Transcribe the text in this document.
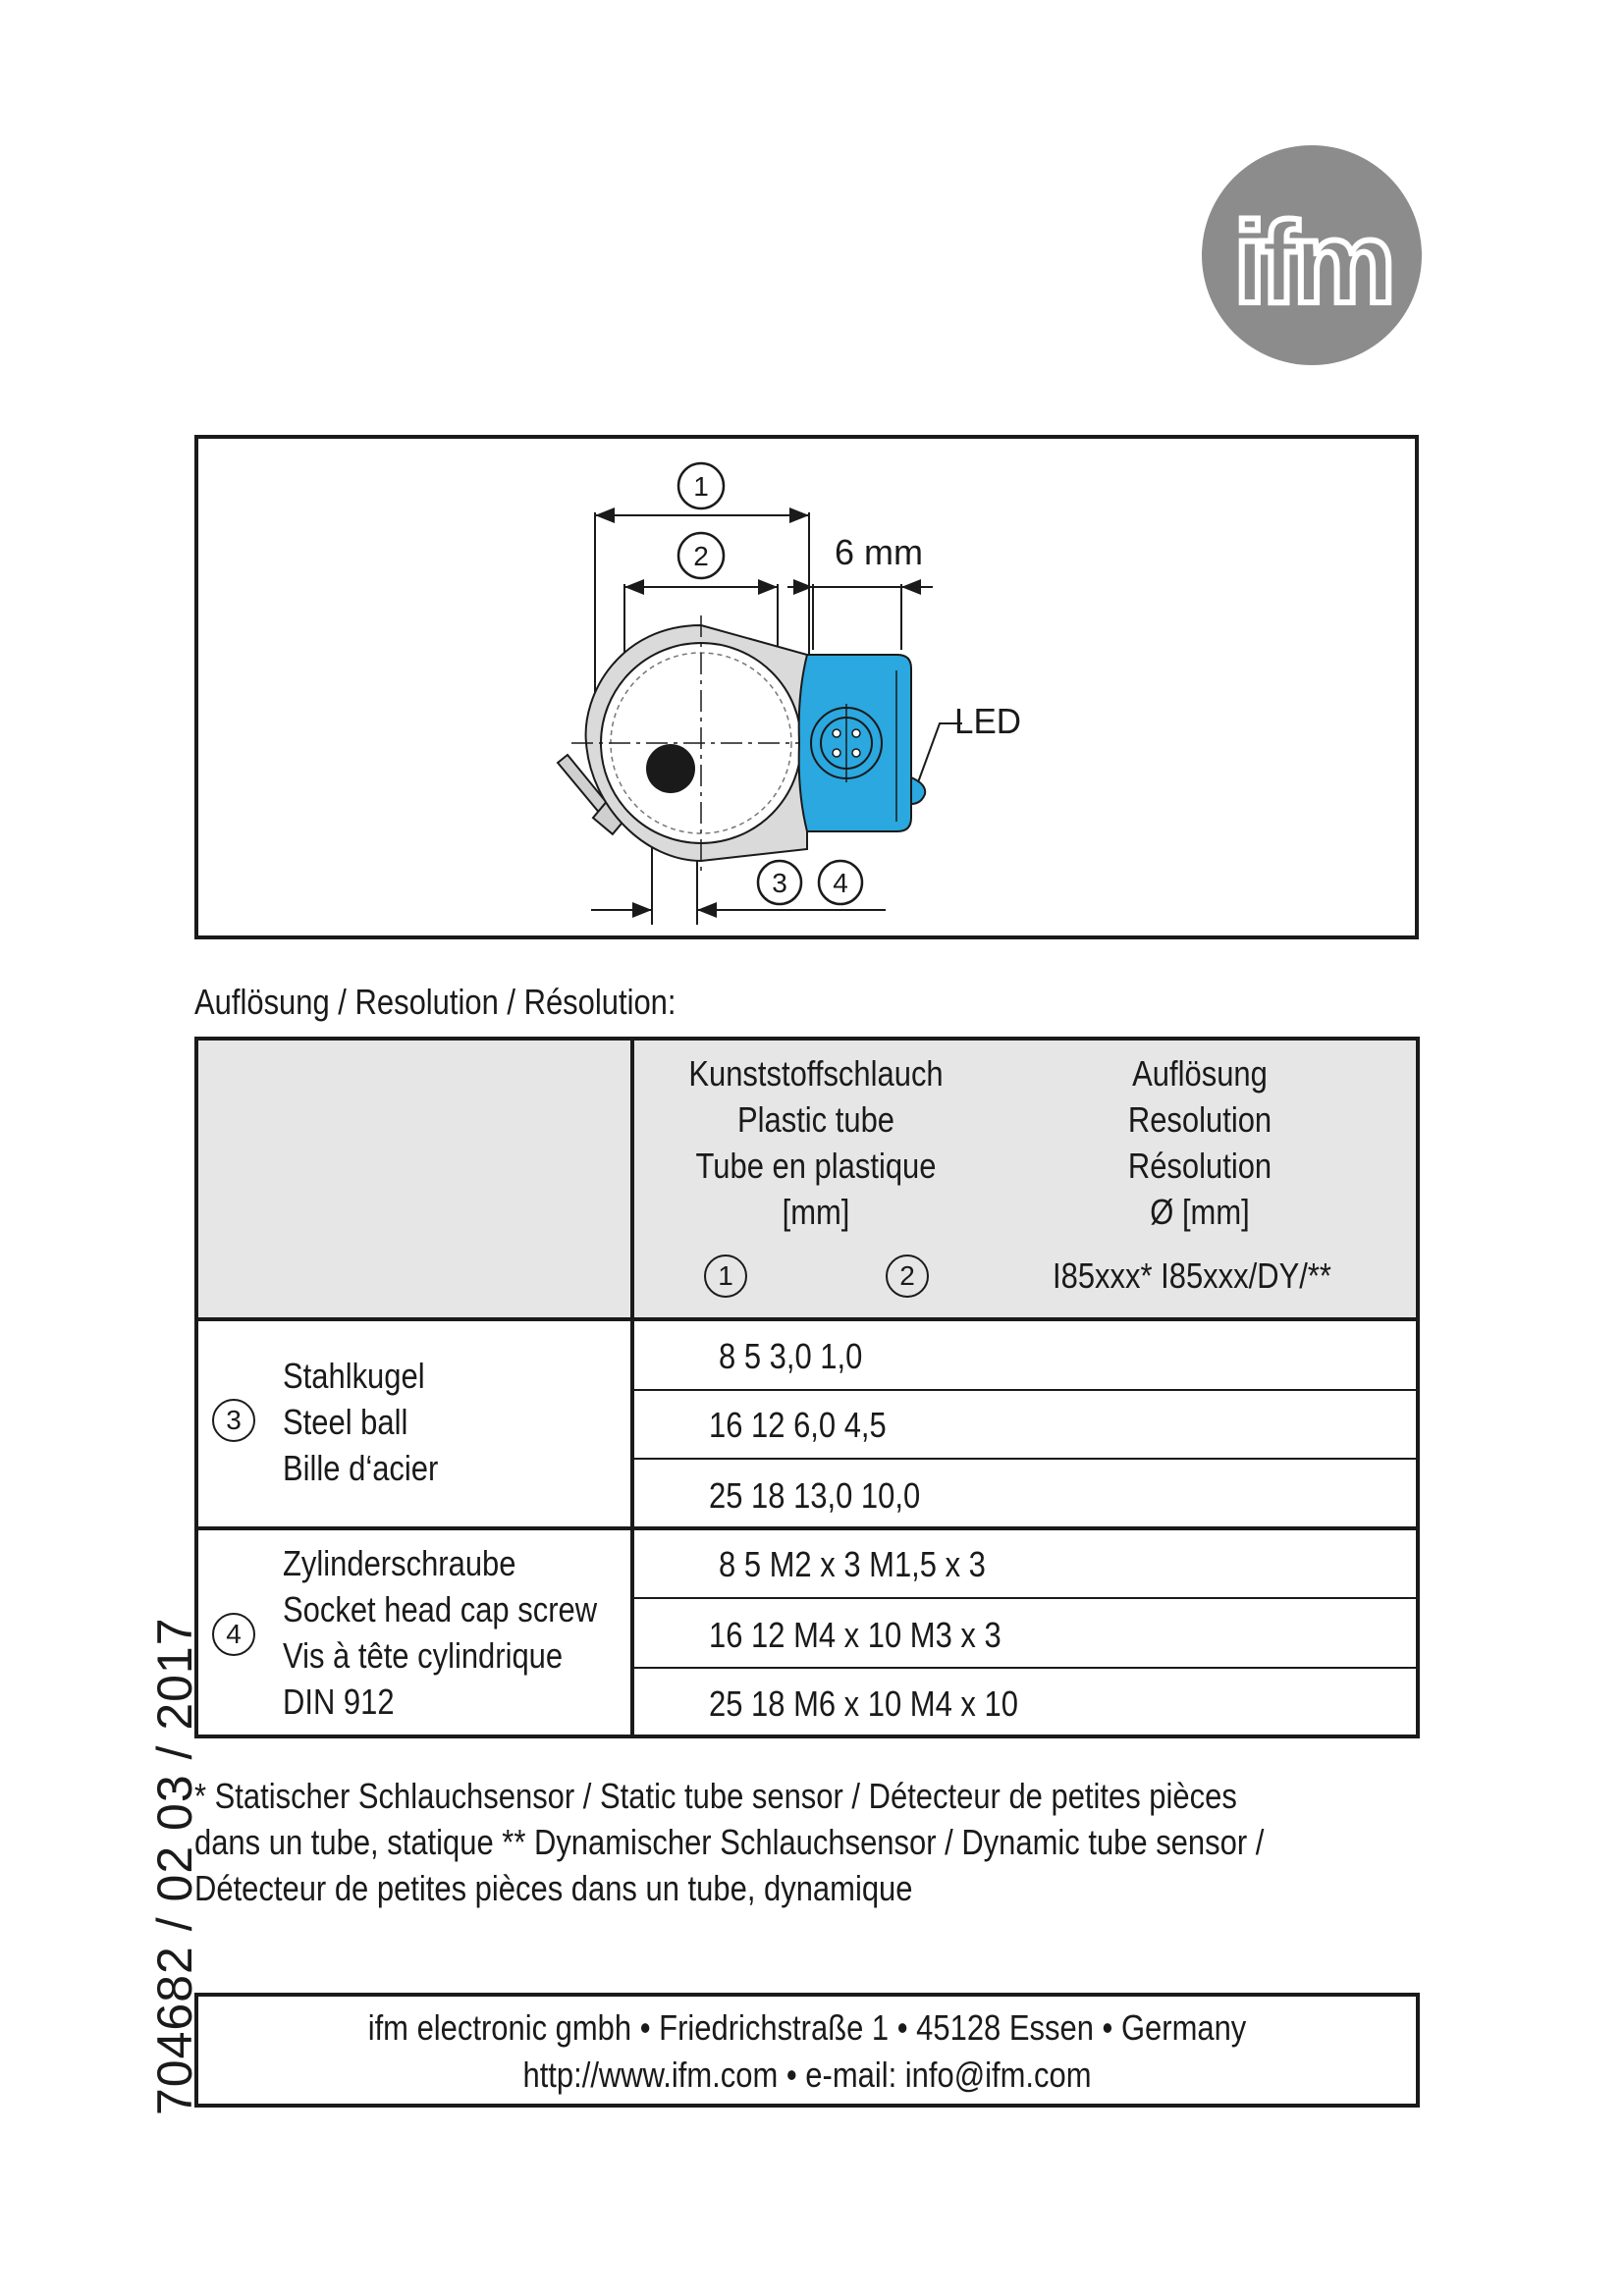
ifm
1
2
3 4
6 mm
LED
Auflösung / Resolution / Résolution:
Kunststoffschlauch
Plastic tube
Tube en plastique
[mm]
Auflösung
Resolution
Résolution
Ø [mm]
1	2	I85xxx* I85xxx/DY/**
3
Stahlkugel
Steel ball
Bille d‘acier
8 5 3,0 1,0
16 12 6,0 4,5
25 18 13,0 10,0
4
Zylinderschraube
Socket head cap screw
Vis à tête cylindrique
DIN 912
8 5 M2 x 3 M1,5 x 3
16 12 M4 x 10 M3 x 3
25 18 M6 x 10 M4 x 10
* Statischer Schlauchsensor / Static tube sensor / Détecteur de petites pièces
dans un tube, statique ** Dynamischer Schlauchsensor / Dynamic tube sensor /
Détecteur de petites pièces dans un tube, dynamique
ifm electronic gmbh • Friedrichstraße 1 • 45128 Essen • Germany
http://www.ifm.com • e-mail: info@ifm.com
704682 / 02 03 / 2017
